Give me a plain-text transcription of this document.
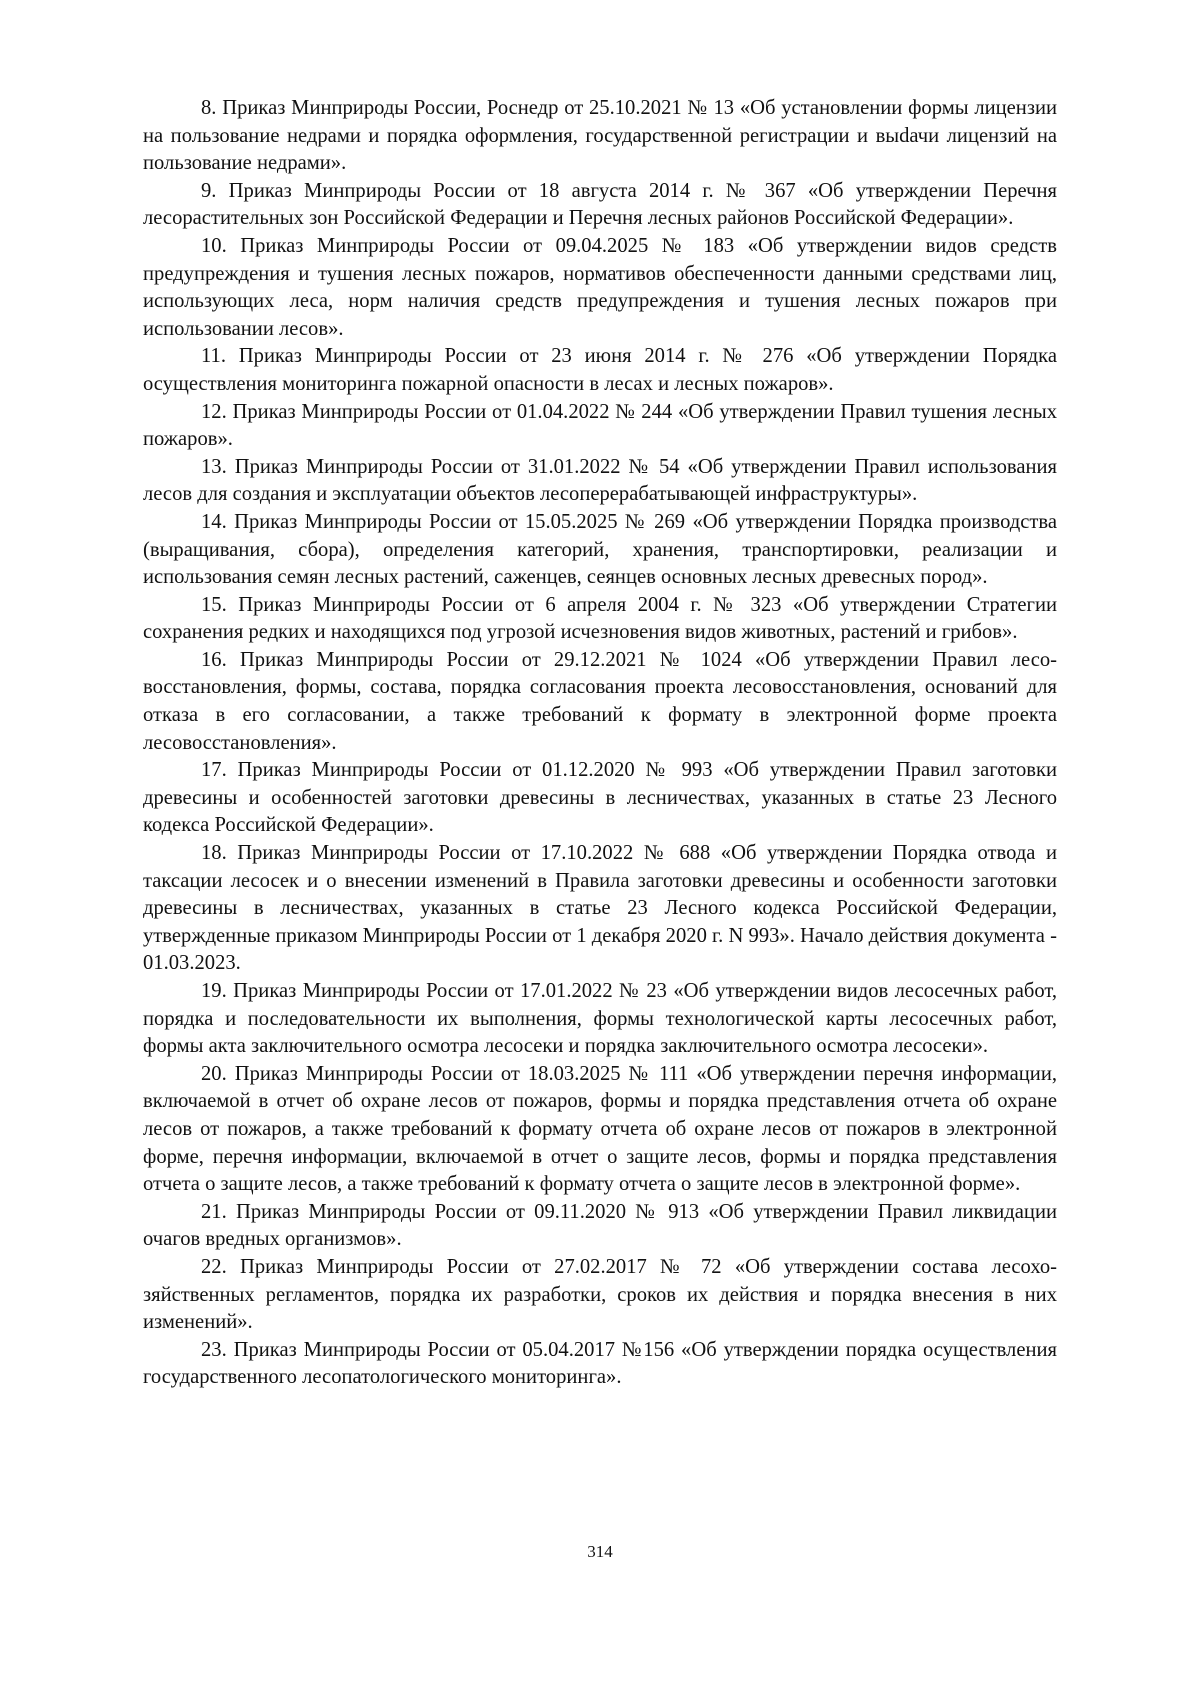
8. Приказ Минприроды России, Роснедр от 25.10.2021 № 13 «Об установлении формы лицензии на пользование недрами и порядка оформления, государственной регистрации и выdачи лицензий на пользование недрами».

9. Приказ Минприроды России от 18 августа 2014 г. № 367 «Об утверждении Перечня лесорастительных зон Российской Федерации и Перечня лесных районов Российской Федерации».

10. Приказ Минприроды России от 09.04.2025 № 183 «Об утверждении видов средств предупреждения и тушения лесных пожаров, нормативов обеспеченности данными средствами лиц, использующих леса, норм наличия средств предупреждения и тушения лесных пожаров при использовании лесов».

11. Приказ Минприроды России от 23 июня 2014 г. № 276 «Об утверждении Порядка осуществления мониторинга пожарной опасности в лесах и лесных пожаров».

12. Приказ Минприроды России от 01.04.2022 № 244 «Об утверждении Правил тушения лесных пожаров».

13. Приказ Минприроды России от 31.01.2022 № 54 «Об утверждении Правил использования лесов для создания и эксплуатации объектов лесоперерабатывающей инфраструктуры».

14. Приказ Минприроды России от 15.05.2025 № 269 «Об утверждении Порядка производства (выращивания, сбора), определения категорий, хранения, транспортировки, реализации и использования семян лесных растений, саженцев, сеянцев основных лесных древесных пород».

15. Приказ Минприроды России от 6 апреля 2004 г. № 323 «Об утверждении Стратегии сохранения редких и находящихся под угрозой исчезновения видов животных, растений и грибов».

16. Приказ Минприроды России от 29.12.2021 № 1024 «Об утверждении Правил лесовосстановления, формы, состава, порядка согласования проекта лесовосстановления, оснований для отказа в его согласовании, а также требований к формату в электронной форме проекта лесовосстановления».

17. Приказ Минприроды России от 01.12.2020 № 993 «Об утверждении Правил заготовки древесины и особенностей заготовки древесины в лесничествах, указанных в статье 23 Лесного кодекса Российской Федерации».

18. Приказ Минприроды России от 17.10.2022 № 688 «Об утверждении Порядка отвода и таксации лесосек и о внесении изменений в Правила заготовки древесины и особенности заготовки древесины в лесничествах, указанных в статье 23 Лесного кодекса Российской Федерации, утвержденные приказом Минприроды России от 1 декабря 2020 г. N 993». Начало действия документа - 01.03.2023.

19. Приказ Минприроды России от 17.01.2022 № 23 «Об утверждении видов лесосечных работ, порядка и последовательности их выполнения, формы технологической карты лесосечных работ, формы акта заключительного осмотра лесосеки и порядка заключительного осмотра лесосеки».

20. Приказ Минприроды России от 18.03.2025 № 111 «Об утверждении перечня информации, включаемой в отчет об охране лесов от пожаров, формы и порядка представления отчета об охране лесов от пожаров, а также требований к формату отчета об охране лесов от пожаров в электронной форме, перечня информации, включаемой в отчет о защите лесов, формы и порядка представления отчета о защите лесов, а также требований к формату отчета о защите лесов в электронной форме».

21. Приказ Минприроды России от 09.11.2020 № 913 «Об утверждении Правил ликвидации очагов вредных организмов».

22. Приказ Минприроды России от 27.02.2017 № 72 «Об утверждении состава лесохозяйственных регламентов, порядка их разработки, сроков их действия и порядка внесения в них изменений».

23. Приказ Минприроды России от 05.04.2017 №156 «Об утверждении порядка осуществления государственного лесопатологического мониторинга».

314
